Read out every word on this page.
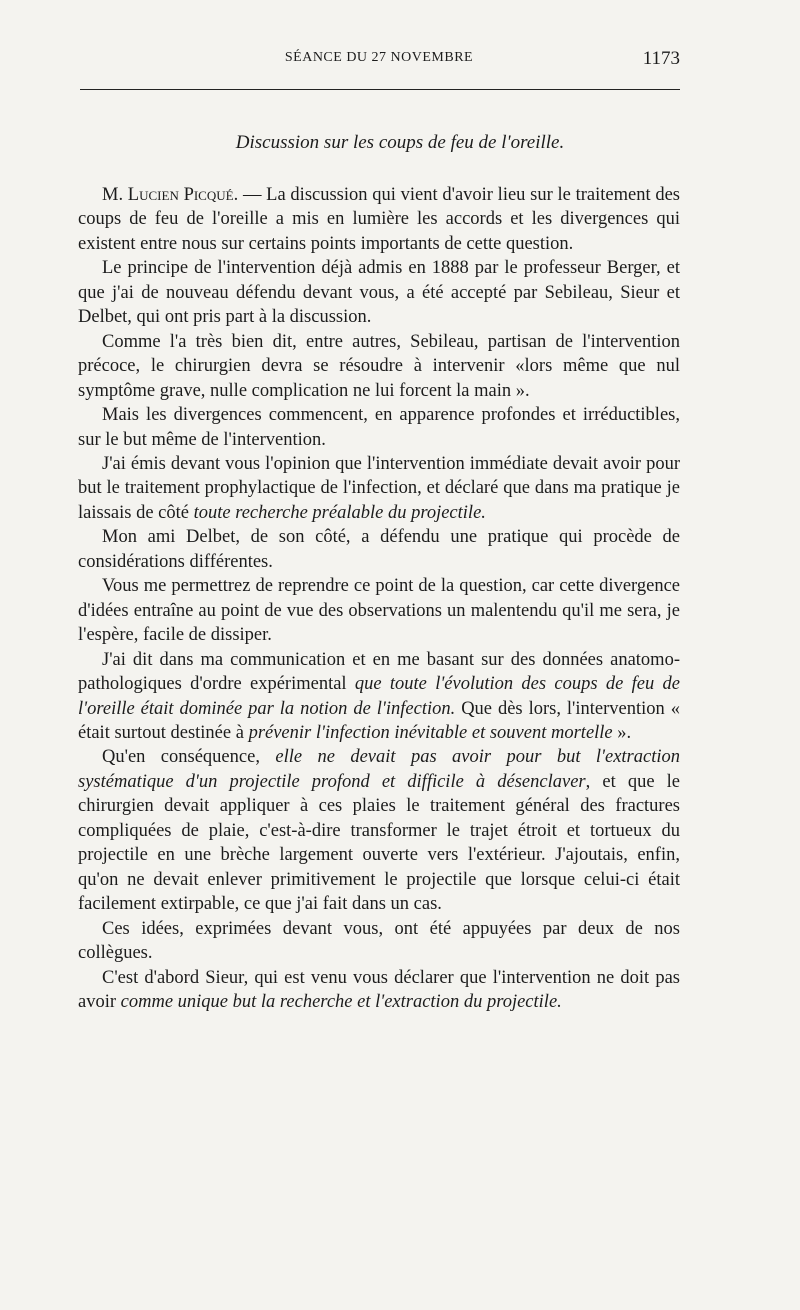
SÉANCE DU 27 NOVEMBRE	1173
Discussion sur les coups de feu de l'oreille.

M. Lucien Picqué. — La discussion qui vient d'avoir lieu sur le traitement des coups de feu de l'oreille a mis en lumière les accords et les divergences qui existent entre nous sur certains points importants de cette question.

Le principe de l'intervention déjà admis en 1888 par le professeur Berger, et que j'ai de nouveau défendu devant vous, a été accepté par Sebileau, Sieur et Delbet, qui ont pris part à la discussion.

Comme l'a très bien dit, entre autres, Sebileau, partisan de l'intervention précoce, le chirurgien devra se résoudre à intervenir «lors même que nul symptôme grave, nulle complication ne lui forcent la main ».

Mais les divergences commencent, en apparence profondes et irréductibles, sur le but même de l'intervention.

J'ai émis devant vous l'opinion que l'intervention immédiate devait avoir pour but le traitement prophylactique de l'infection, et déclaré que dans ma pratique je laissais de côté toute recherche préalable du projectile.

Mon ami Delbet, de son côté, a défendu une pratique qui procède de considérations différentes.

Vous me permettrez de reprendre ce point de la question, car cette divergence d'idées entraîne au point de vue des observations un malentendu qu'il me sera, je l'espère, facile de dissiper.

J'ai dit dans ma communication et en me basant sur des données anatomo-pathologiques d'ordre expérimental que toute l'évolution des coups de feu de l'oreille était dominée par la notion de l'infection. Que dès lors, l'intervention « était surtout destinée à prévenir l'infection inévitable et souvent mortelle ».

Qu'en conséquence, elle ne devait pas avoir pour but l'extraction systématique d'un projectile profond et difficile à désenclaver, et que le chirurgien devait appliquer à ces plaies le traitement général des fractures compliquées de plaie, c'est-à-dire transformer le trajet étroit et tortueux du projectile en une brèche largement ouverte vers l'extérieur. J'ajoutais, enfin, qu'on ne devait enlever primitivement le projectile que lorsque celui-ci était facilement extirpable, ce que j'ai fait dans un cas.

Ces idées, exprimées devant vous, ont été appuyées par deux de nos collègues.

C'est d'abord Sieur, qui est venu vous déclarer que l'intervention ne doit pas avoir comme unique but la recherche et l'extraction du projectile.
